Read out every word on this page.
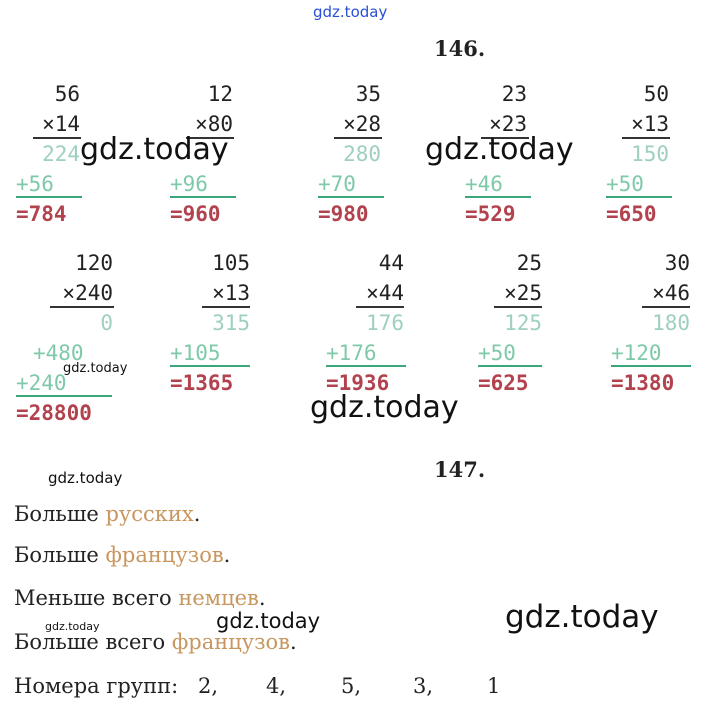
gdz.today
146.
56
×14
224
+56
=784
12
×80
+96
=960
35
×28
280
+70
=980
23
×23
+46
=529
50
×13
150
+50
=650
120
×240
0
+480
+240
=28800
105
×13
315
+105
=1365
44
×44
176
+176
=1936
25
×25
125
+50
=625
30
×46
180
+120
=1380
gdz.today	gdz.today
gdz.today
gdz.today
gdz.today	147.
Больше русских.
Больше французов.
Меньше всего немцев.
Больше всего французов.
Номера групп: 2, 4,	5, 3,	1
gdz.today	gdz.today	gdz.today
